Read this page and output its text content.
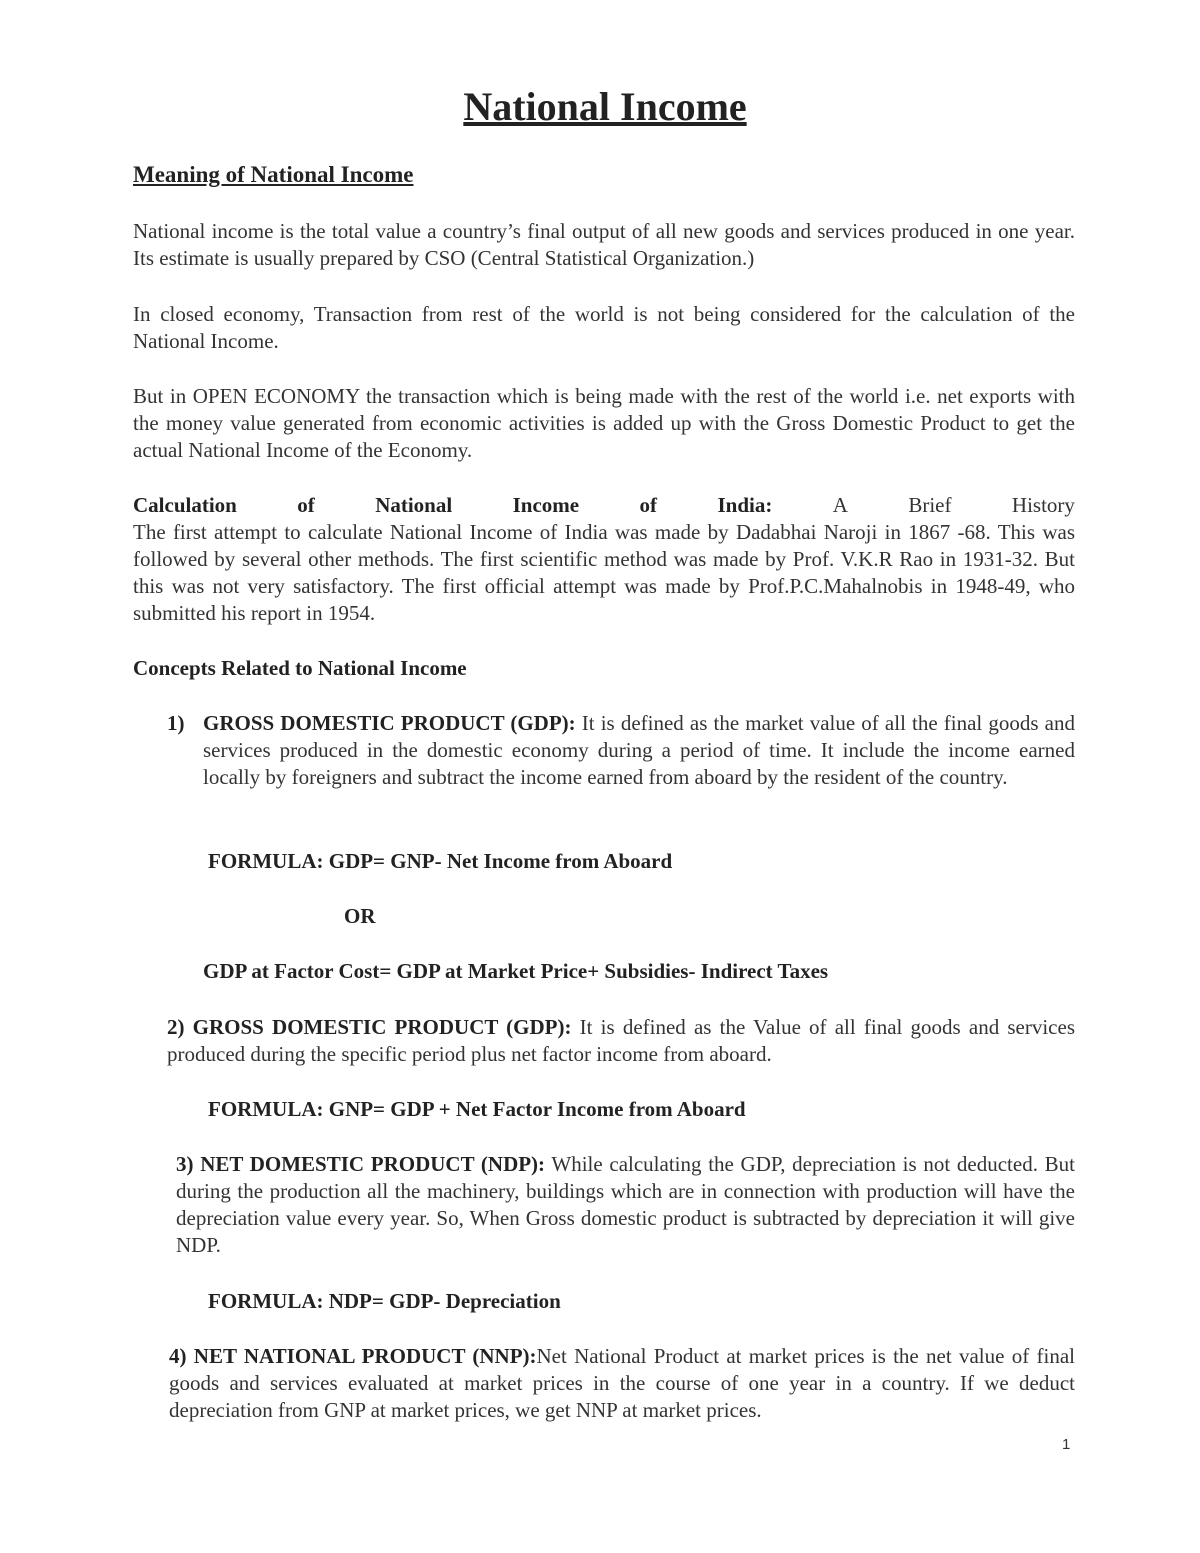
National Income
Meaning of National Income

National income is the total value a country’s final output of all new goods and services produced in one year. Its estimate is usually prepared by CSO (Central Statistical Organization.)

In closed economy, Transaction from rest of the world is not being considered for the calculation of the National Income.

But in OPEN ECONOMY the transaction which is being made with the rest of the world i.e. net exports with the money value generated from economic activities is added up with the Gross Domestic Product to get the actual National Income of the Economy.

Calculation	of	National	Income	of	India:	A	Brief	History

The first attempt to calculate National Income of India was made by Dadabhai Naroji in 1867 -68. This was followed by several other methods. The first scientific method was made by Prof. V.K.R Rao in 1931-32. But this was not very satisfactory. The first official attempt was made by Prof.P.C.Mahalnobis in 1948-49, who submitted his report in 1954.

Concepts Related to National Income

1) GROSS DOMESTIC PRODUCT (GDP): It is defined as the market value of all the final goods and services produced in the domestic economy during a period of time. It include the income earned locally by foreigners and subtract the income earned from aboard by the resident of the country.

FORMULA: GDP= GNP- Net Income from Aboard

OR

GDP at Factor Cost= GDP at Market Price+ Subsidies- Indirect Taxes

2) GROSS DOMESTIC PRODUCT (GDP): It is defined as the Value of all final goods and services produced during the specific period plus net factor income from aboard.

FORMULA: GNP= GDP + Net Factor Income from Aboard

3) NET DOMESTIC PRODUCT (NDP): While calculating the GDP, depreciation is not deducted. But during the production all the machinery, buildings which are in connection with production will have the depreciation value every year. So, When Gross domestic product is subtracted by depreciation it will give NDP.

FORMULA: NDP= GDP- Depreciation

4) NET NATIONAL PRODUCT (NNP):Net National Product at market prices is the net value of final goods and services evaluated at market prices in the course of one year in a country. If we deduct depreciation from GNP at market prices, we get NNP at market prices.

1
